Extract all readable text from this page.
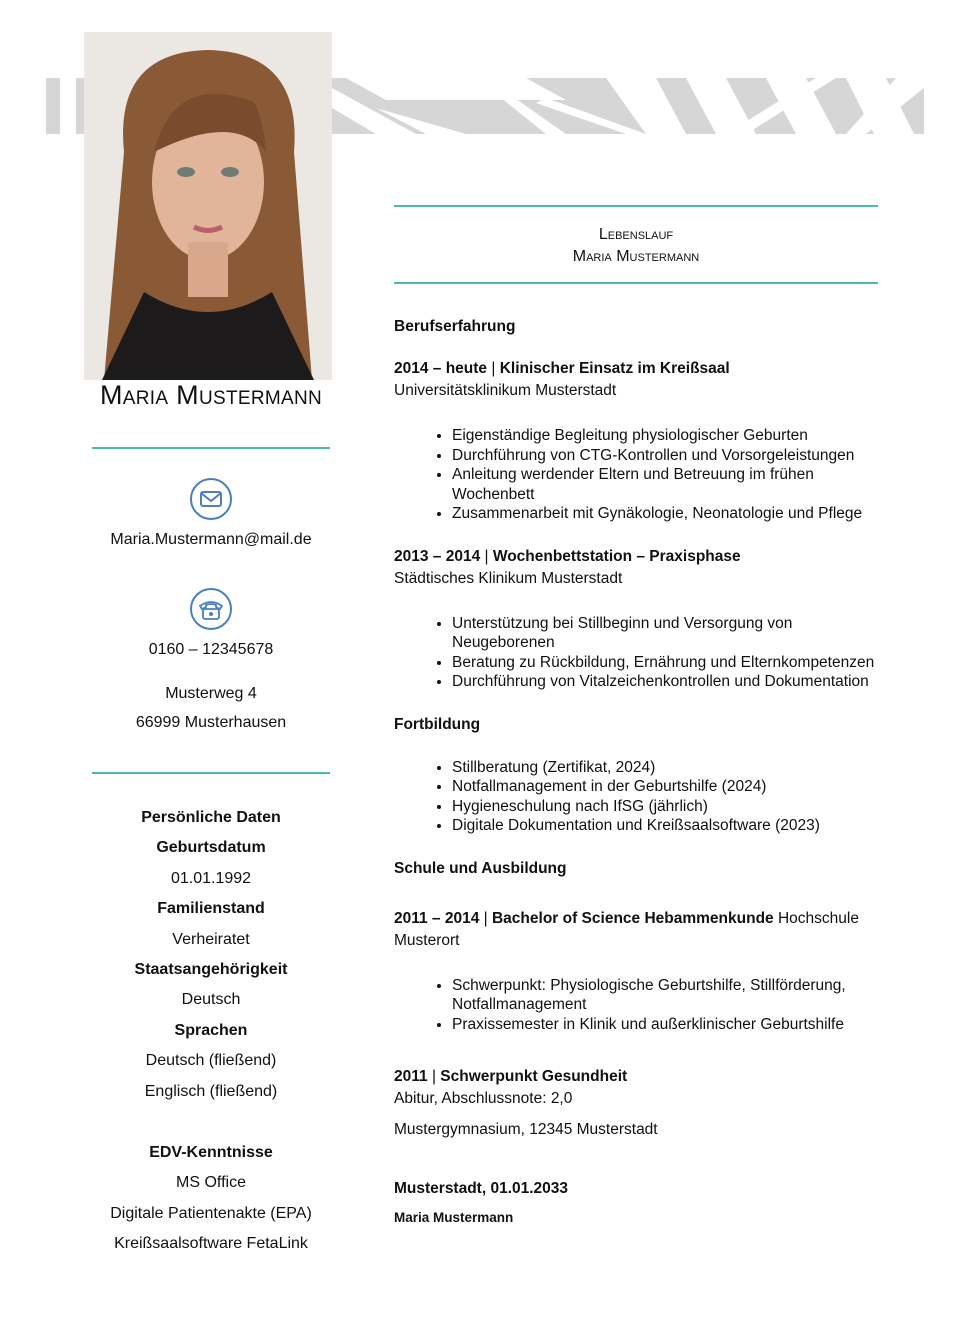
Maria Mustermann
Maria.Mustermann@mail.de
0160 – 12345678
Musterweg 4
66999 Musterhausen
Persönliche Daten
Geburtsdatum
01.01.1992
Familienstand
Verheiratet
Staatsangehörigkeit
Deutsch
Sprachen
Deutsch (fließend)
Englisch (fließend)
EDV-Kenntnisse
MS Office
Digitale Patientenakte (EPA)
Kreißsaalsoftware FetaLink
Lebenslauf
Maria Mustermann
Berufserfahrung
2014 – heute | Klinischer Einsatz im Kreißsaal
Universitätsklinikum Musterstadt
• Eigenständige Begleitung physiologischer Geburten
• Durchführung von CTG-Kontrollen und Vorsorgeleistungen
• Anleitung werdender Eltern und Betreuung im frühen Wochenbett
• Zusammenarbeit mit Gynäkologie, Neonatologie und Pflege
2013 – 2014 | Wochenbettstation – Praxisphase
Städtisches Klinikum Musterstadt
• Unterstützung bei Stillbeginn und Versorgung von Neugeborenen
• Beratung zu Rückbildung, Ernährung und Elternkompetenzen
• Durchführung von Vitalzeichenkontrollen und Dokumentation
Fortbildung
• Stillberatung (Zertifikat, 2024)
• Notfallmanagement in der Geburtshilfe (2024)
• Hygieneschulung nach IfSG (jährlich)
• Digitale Dokumentation und Kreißsaalsoftware (2023)
Schule und Ausbildung
2011 – 2014 | Bachelor of Science Hebammenkunde Hochschule Musterort
• Schwerpunkt: Physiologische Geburtshilfe, Stillförderung, Notfallmanagement
• Praxissemester in Klinik und außerklinischer Geburtshilfe
2011 | Schwerpunkt Gesundheit
Abitur, Abschlussnote: 2,0
Mustergymnasium, 12345 Musterstadt
Musterstadt, 01.01.2033
Maria Mustermann
